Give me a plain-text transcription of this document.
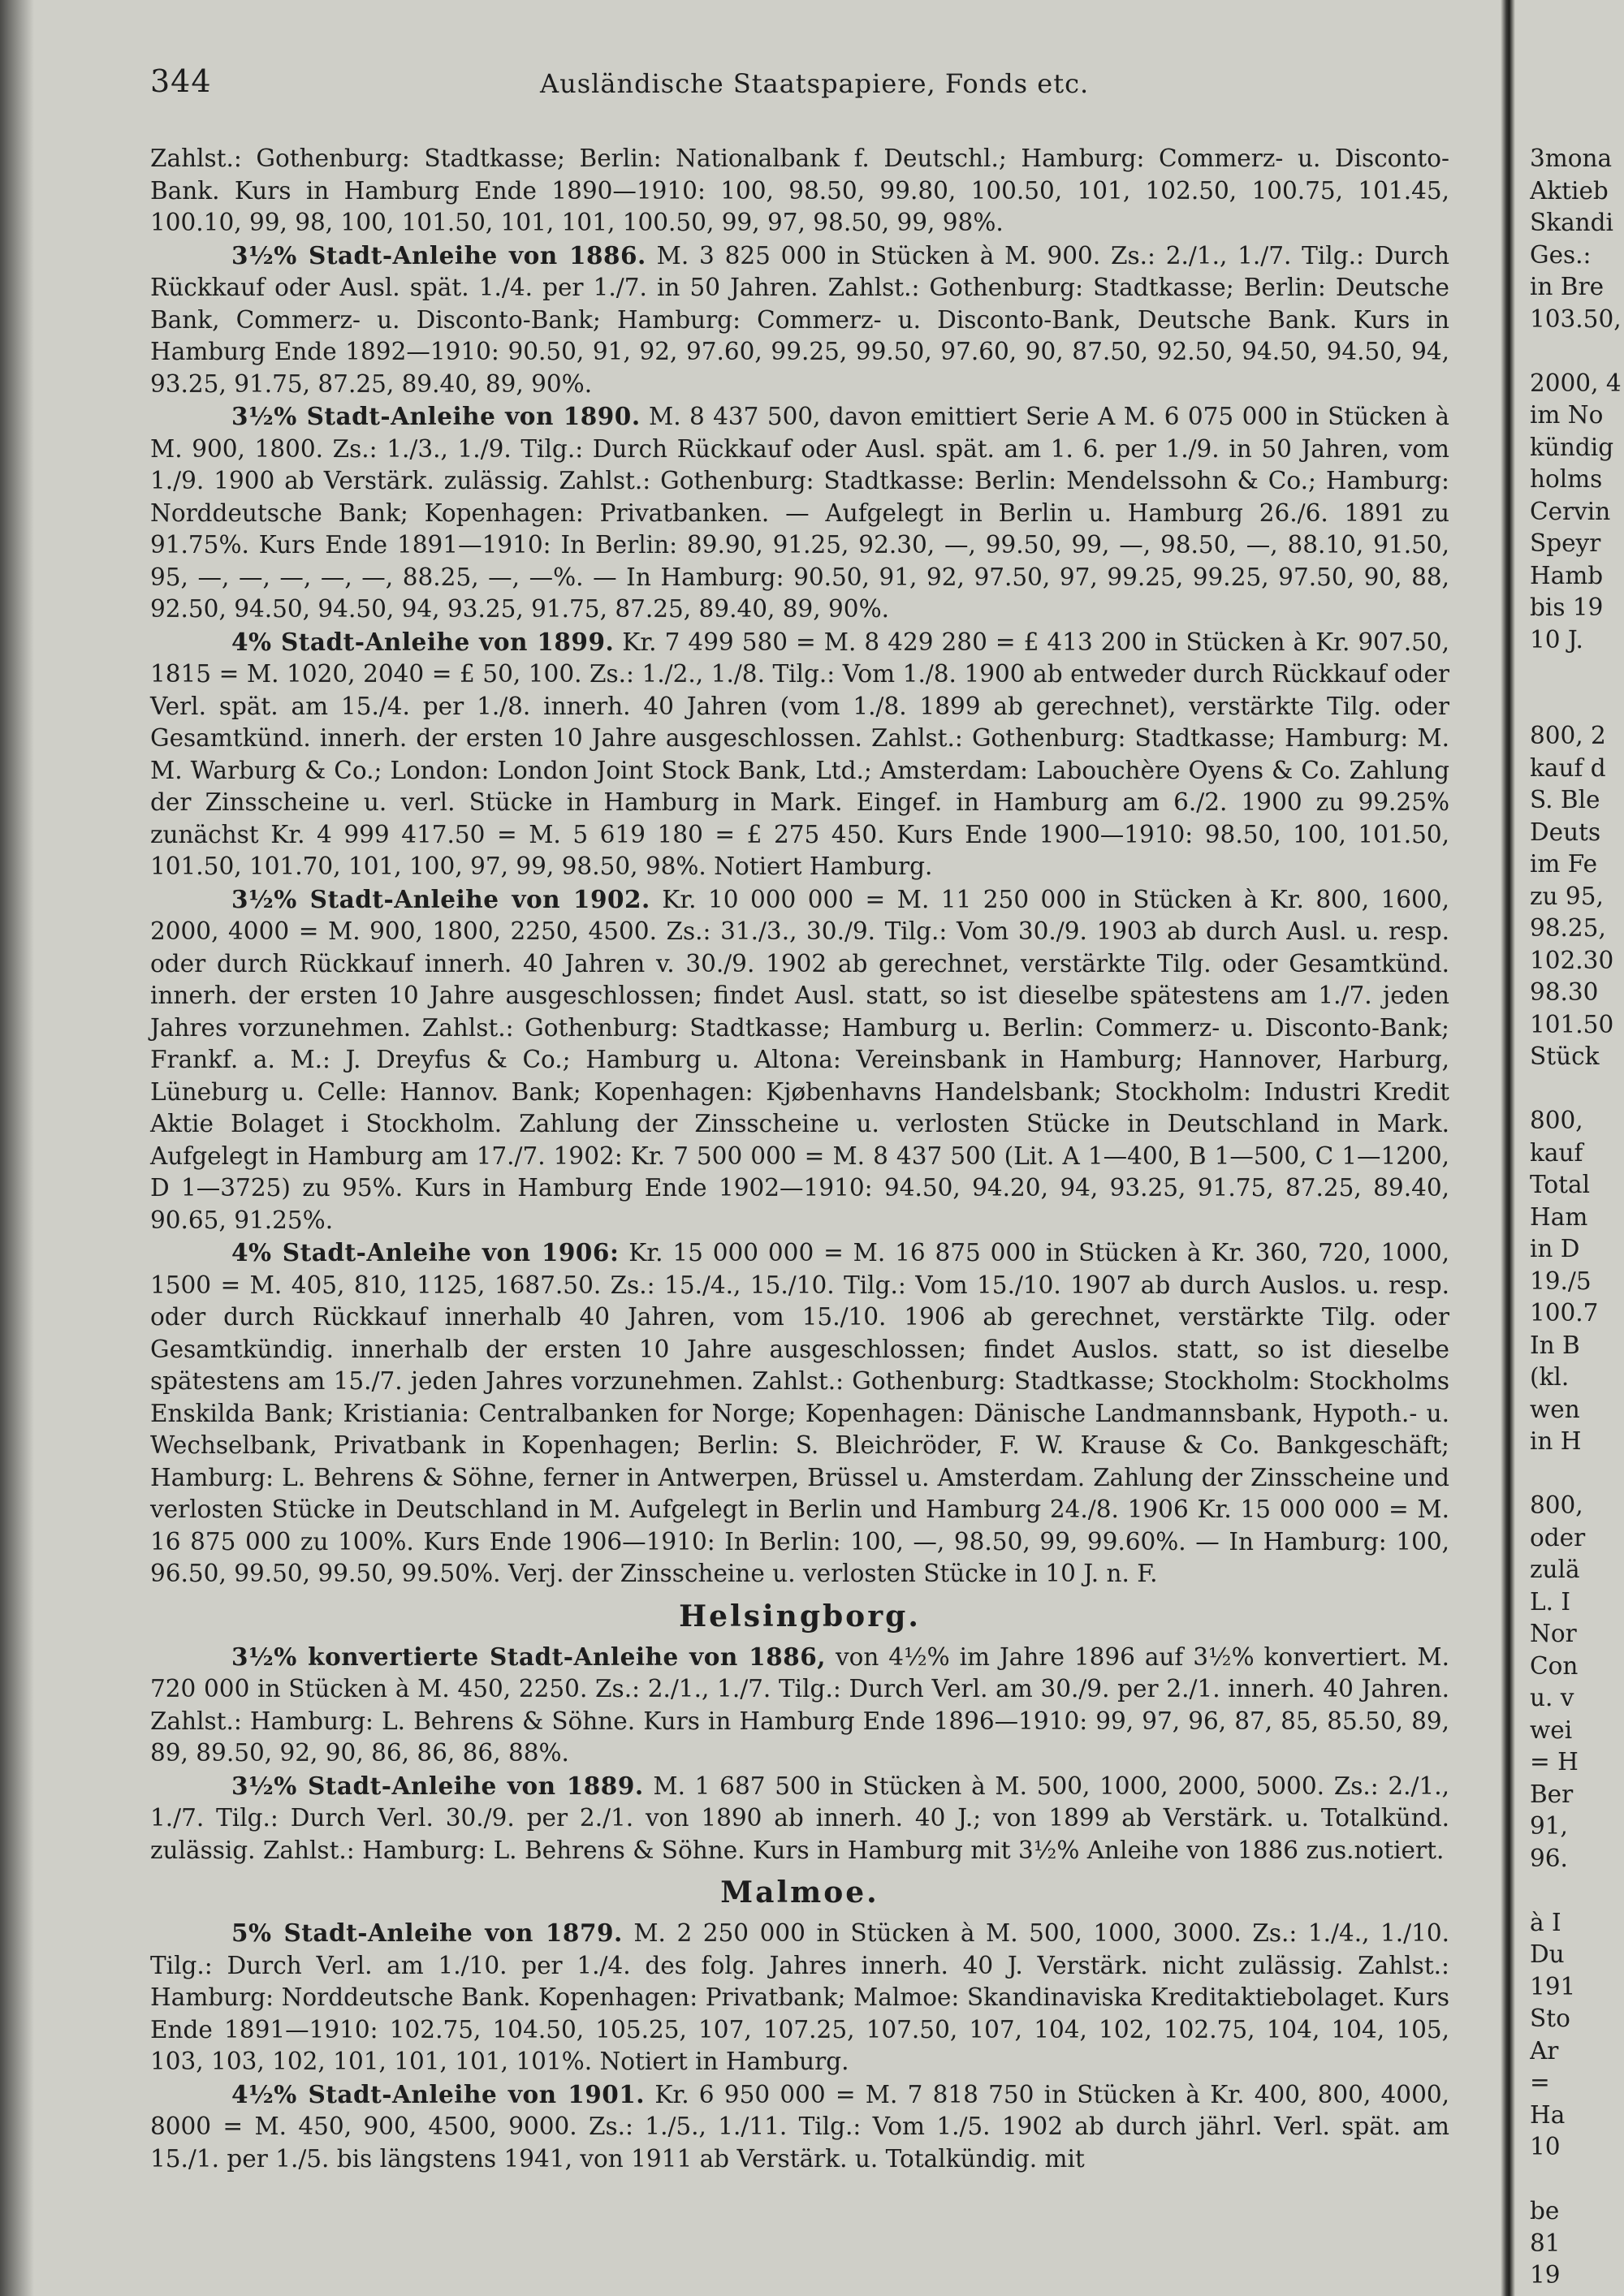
344	Ausländische Staatspapiere, Fonds etc.

Zahlst.: Gothenburg: Stadtkasse; Berlin: Nationalbank f. Deutschl.; Hamburg: Commerz- u. Disconto-Bank. Kurs in Hamburg Ende 1890—1910: 100, 98.50, 99.80, 100.50, 101, 102.50, 100.75, 101.45, 100.10, 99, 98, 100, 101.50, 101, 101, 100.50, 99, 97, 98.50, 99, 98%.

3½% Stadt-Anleihe von 1886. M. 3 825 000 in Stücken à M. 900. Zs.: 2./1., 1./7. Tilg.: Durch Rückkauf oder Ausl. spät. 1./4. per 1./7. in 50 Jahren. Zahlst.: Gothenburg: Stadtkasse; Berlin: Deutsche Bank, Commerz- u. Disconto-Bank; Hamburg: Commerz- u. Disconto-Bank, Deutsche Bank. Kurs in Hamburg Ende 1892—1910: 90.50, 91, 92, 97.60, 99.25, 99.50, 97.60, 90, 87.50, 92.50, 94.50, 94.50, 94, 93.25, 91.75, 87.25, 89.40, 89, 90%.

3½% Stadt-Anleihe von 1890. M. 8 437 500, davon emittiert Serie A M. 6 075 000 in Stücken à M. 900, 1800. Zs.: 1./3., 1./9. Tilg.: Durch Rückkauf oder Ausl. spät. am 1. 6. per 1./9. in 50 Jahren, vom 1./9. 1900 ab Verstärk. zulässig. Zahlst.: Gothenburg: Stadtkasse: Berlin: Mendelssohn & Co.; Hamburg: Norddeutsche Bank; Kopenhagen: Privatbanken. — Aufgelegt in Berlin u. Hamburg 26./6. 1891 zu 91.75%. Kurs Ende 1891—1910: In Berlin: 89.90, 91.25, 92.30, —, 99.50, 99, —, 98.50, —, 88.10, 91.50, 95, —, —, —, —, —, 88.25, —, —%. — In Hamburg: 90.50, 91, 92, 97.50, 97, 99.25, 99.25, 97.50, 90, 88, 92.50, 94.50, 94.50, 94, 93.25, 91.75, 87.25, 89.40, 89, 90%.

4% Stadt-Anleihe von 1899. Kr. 7 499 580 = M. 8 429 280 = £ 413 200 in Stücken à Kr. 907.50, 1815 = M. 1020, 2040 = £ 50, 100. Zs.: 1./2., 1./8. Tilg.: Vom 1./8. 1900 ab entweder durch Rückkauf oder Verl. spät. am 15./4. per 1./8. innerh. 40 Jahren (vom 1./8. 1899 ab gerechnet), verstärkte Tilg. oder Gesamtkünd. innerh. der ersten 10 Jahre ausgeschlossen. Zahlst.: Gothenburg: Stadtkasse; Hamburg: M. M. Warburg & Co.; London: London Joint Stock Bank, Ltd.; Amsterdam: Labouchère Oyens & Co. Zahlung der Zinsscheine u. verl. Stücke in Hamburg in Mark. Eingef. in Hamburg am 6./2. 1900 zu 99.25% zunächst Kr. 4 999 417.50 = M. 5 619 180 = £ 275 450. Kurs Ende 1900—1910: 98.50, 100, 101.50, 101.50, 101.70, 101, 100, 97, 99, 98.50, 98%. Notiert Hamburg.

3½% Stadt-Anleihe von 1902. Kr. 10 000 000 = M. 11 250 000 in Stücken à Kr. 800, 1600, 2000, 4000 = M. 900, 1800, 2250, 4500. Zs.: 31./3., 30./9. Tilg.: Vom 30./9. 1903 ab durch Ausl. u. resp. oder durch Rückkauf innerh. 40 Jahren v. 30./9. 1902 ab gerechnet, verstärkte Tilg. oder Gesamtkünd. innerh. der ersten 10 Jahre ausgeschlossen; findet Ausl. statt, so ist dieselbe spätestens am 1./7. jeden Jahres vorzunehmen. Zahlst.: Gothenburg: Stadtkasse; Hamburg u. Berlin: Commerz- u. Disconto-Bank; Frankf. a. M.: J. Dreyfus & Co.; Hamburg u. Altona: Vereinsbank in Hamburg; Hannover, Harburg, Lüneburg u. Celle: Hannov. Bank; Kopenhagen: Kjøbenhavns Handelsbank; Stockholm: Industri Kredit Aktie Bolaget i Stockholm. Zahlung der Zinsscheine u. verlosten Stücke in Deutschland in Mark. Aufgelegt in Hamburg am 17./7. 1902: Kr. 7 500 000 = M. 8 437 500 (Lit. A 1—400, B 1—500, C 1—1200, D 1—3725) zu 95%. Kurs in Hamburg Ende 1902—1910: 94.50, 94.20, 94, 93.25, 91.75, 87.25, 89.40, 90.65, 91.25%.

4% Stadt-Anleihe von 1906: Kr. 15 000 000 = M. 16 875 000 in Stücken à Kr. 360, 720, 1000, 1500 = M. 405, 810, 1125, 1687.50. Zs.: 15./4., 15./10. Tilg.: Vom 15./10. 1907 ab durch Auslos. u. resp. oder durch Rückkauf innerhalb 40 Jahren, vom 15./10. 1906 ab gerechnet, verstärkte Tilg. oder Gesamtkündig. innerhalb der ersten 10 Jahre ausgeschlossen; findet Auslos. statt, so ist dieselbe spätestens am 15./7. jeden Jahres vorzunehmen. Zahlst.: Gothenburg: Stadtkasse; Stockholm: Stockholms Enskilda Bank; Kristiania: Centralbanken for Norge; Kopenhagen: Dänische Landmannsbank, Hypoth.- u. Wechselbank, Privatbank in Kopenhagen; Berlin: S. Bleichröder, F. W. Krause & Co. Bankgeschäft; Hamburg: L. Behrens & Söhne, ferner in Antwerpen, Brüssel u. Amsterdam. Zahlung der Zinsscheine und verlosten Stücke in Deutschland in M. Aufgelegt in Berlin und Hamburg 24./8. 1906 Kr. 15 000 000 = M. 16 875 000 zu 100%. Kurs Ende 1906—1910: In Berlin: 100, —, 98.50, 99, 99.60%. — In Hamburg: 100, 96.50, 99.50, 99.50, 99.50%. Verj. der Zinsscheine u. verlosten Stücke in 10 J. n. F.

Helsingborg.

3½% konvertierte Stadt-Anleihe von 1886, von 4½% im Jahre 1896 auf 3½% konvertiert. M. 720 000 in Stücken à M. 450, 2250. Zs.: 2./1., 1./7. Tilg.: Durch Verl. am 30./9. per 2./1. innerh. 40 Jahren. Zahlst.: Hamburg: L. Behrens & Söhne. Kurs in Hamburg Ende 1896—1910: 99, 97, 96, 87, 85, 85.50, 89, 89, 89.50, 92, 90, 86, 86, 86, 88%.

3½% Stadt-Anleihe von 1889. M. 1 687 500 in Stücken à M. 500, 1000, 2000, 5000. Zs.: 2./1., 1./7. Tilg.: Durch Verl. 30./9. per 2./1. von 1890 ab innerh. 40 J.; von 1899 ab Verstärk. u. Totalkünd. zulässig. Zahlst.: Hamburg: L. Behrens & Söhne. Kurs in Hamburg mit 3½% Anleihe von 1886 zus.notiert.

Malmoe.

5% Stadt-Anleihe von 1879. M. 2 250 000 in Stücken à M. 500, 1000, 3000. Zs.: 1./4., 1./10. Tilg.: Durch Verl. am 1./10. per 1./4. des folg. Jahres innerh. 40 J. Verstärk. nicht zulässig. Zahlst.: Hamburg: Norddeutsche Bank. Kopenhagen: Privatbank; Malmoe: Skandinaviska Kreditaktiebolaget. Kurs Ende 1891—1910: 102.75, 104.50, 105.25, 107, 107.25, 107.50, 107, 104, 102, 102.75, 104, 104, 105, 103, 103, 102, 101, 101, 101, 101%. Notiert in Hamburg.

4½% Stadt-Anleihe von 1901. Kr. 6 950 000 = M. 7 818 750 in Stücken à Kr. 400, 800, 4000, 8000 = M. 450, 900, 4500, 9000. Zs.: 1./5., 1./11. Tilg.: Vom 1./5. 1902 ab durch jährl. Verl. spät. am 15./1. per 1./5. bis längstens 1941, von 1911 ab Verstärk. u. Totalkündig. mit

3mona
Aktieb
Skandi
Ges.:
in Bre
103.50,
2000, 4
im No
kündig
holms
Cervin
Speyr
Hamb
bis 19
10 J.
800, 2
kauf d
S. Ble
Deuts
im Fe
zu 95,
98.25,
102.30
98.30
101.50
Stück
800,
kauf
Total
Ham
in D
19./5
100.7
In B
(kl.
wen
in H
800,
oder
zulä
L. I
Nor
Con
u. v
wei
= H
Ber
91,
96.
à I
Du
191
Sto
Ar
=
Ha
10
be
81
19
